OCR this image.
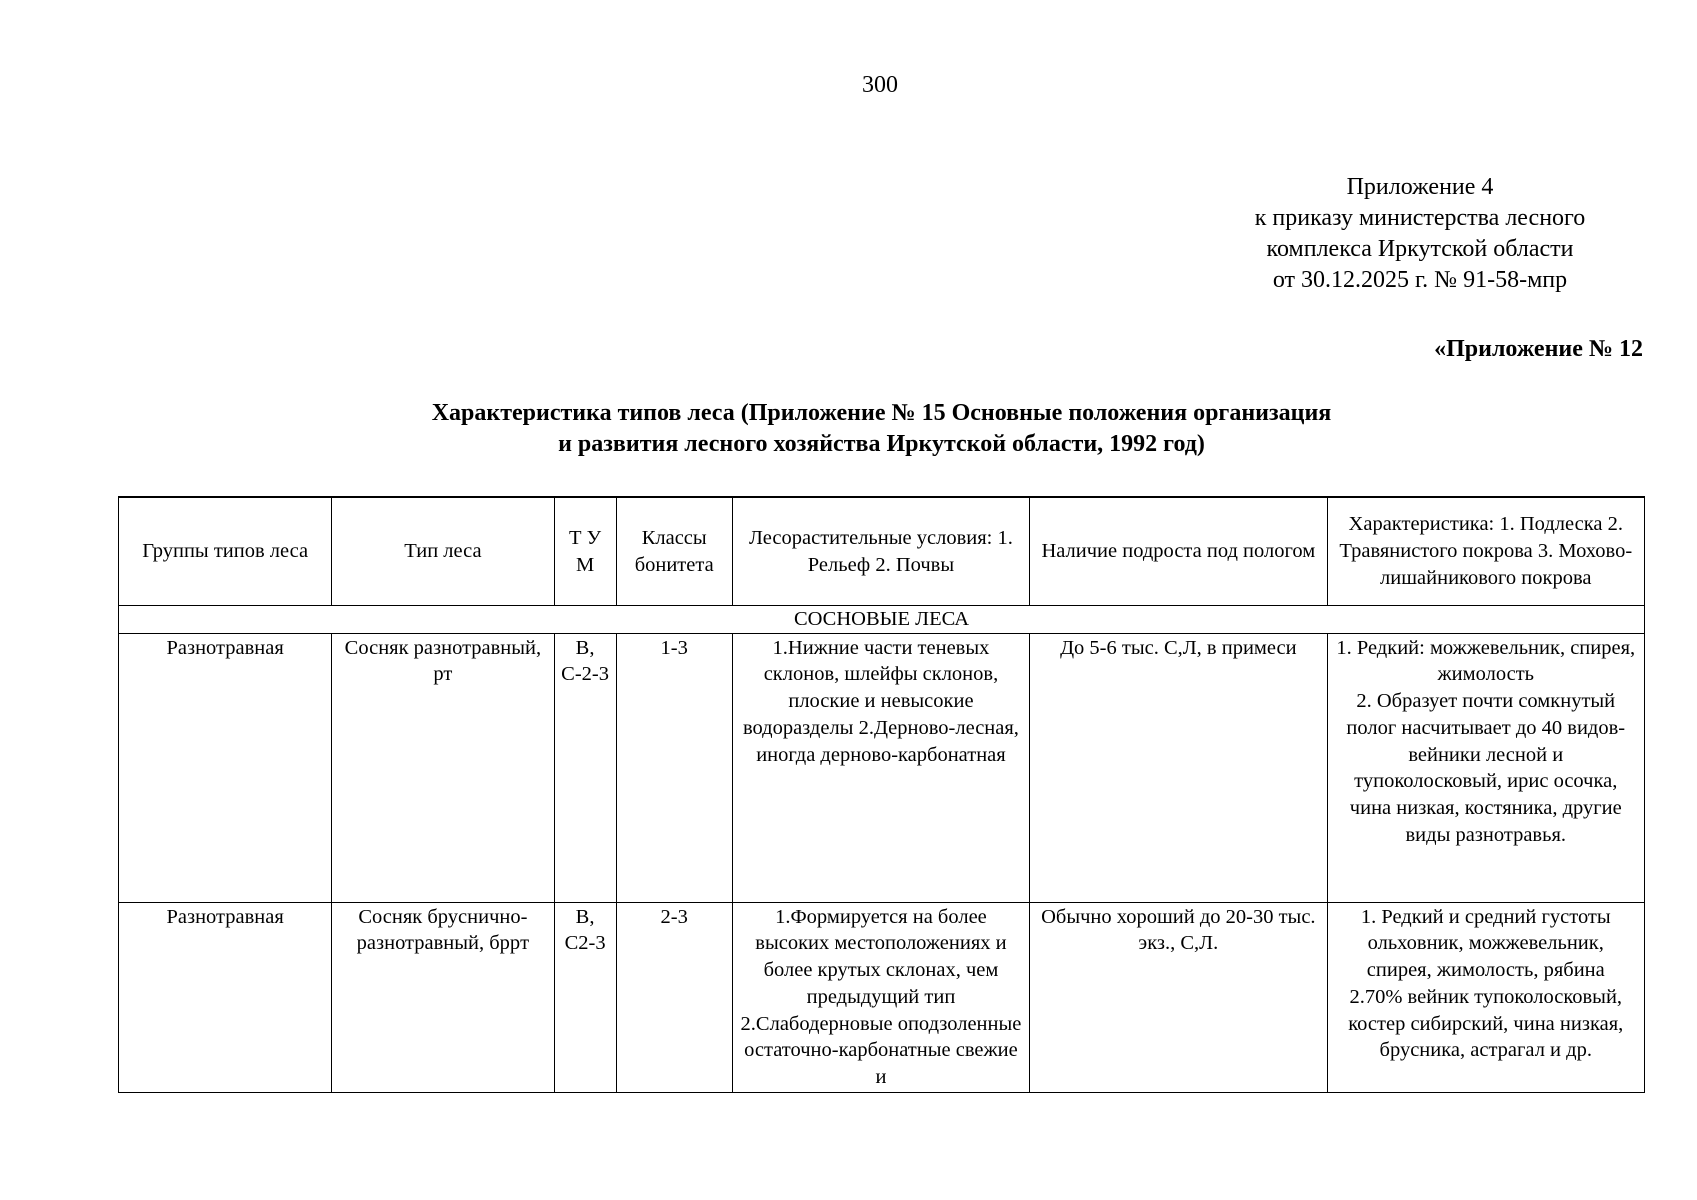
300
Приложение 4
к приказу министерства лесного
комплекса Иркутской области
от 30.12.2025 г. № 91-58-мпр
«Приложение № 12
Характеристика типов леса (Приложение № 15 Основные положения организация
и развития лесного хозяйства Иркутской области, 1992 год)
Группы типов леса	Тип леса	Т У М	Классы бонитета	Лесорастительные условия: 1. Рельеф 2. Почвы	Наличие подроста под пологом	Характеристика: 1. Подлеска 2. Травянистого покрова 3. Мохово-лишайникового покрова
СОСНОВЫЕ ЛЕСА						
Разнотравная	Сосняк разнотравный, рт	В, С-2-3	1-3	1.Нижние части теневых склонов, шлейфы склонов, плоские и невысокие водоразделы 2.Дерново-лесная, иногда дерново-карбонатная	До 5-6 тыс. С,Л, в примеси	1. Редкий: можжевельник, спирея, жимолость
2. Образует почти сомкнутый полог насчитывает до 40 видов- вейники лесной и тупоколосковый, ирис осочка, чина низкая, костяника, другие виды разнотравья.

Разнотравная	Сосняк бруснично-разнотравный, брpт	В, С2-3	2-3	1.Формируется на более высоких местоположениях и более крутых склонах, чем предыдущий тип 2.Слабодерновые оподзоленные остаточно-карбонатные свежие и	Обычно хороший до 20-30 тыс. экз., С,Л.	1. Редкий и средний густоты ольховник, можжевельник, спирея, жимолость, рябина
2.70% вейник тупоколосковый, костер сибирский, чина низкая, брусника, астрагал и др.
